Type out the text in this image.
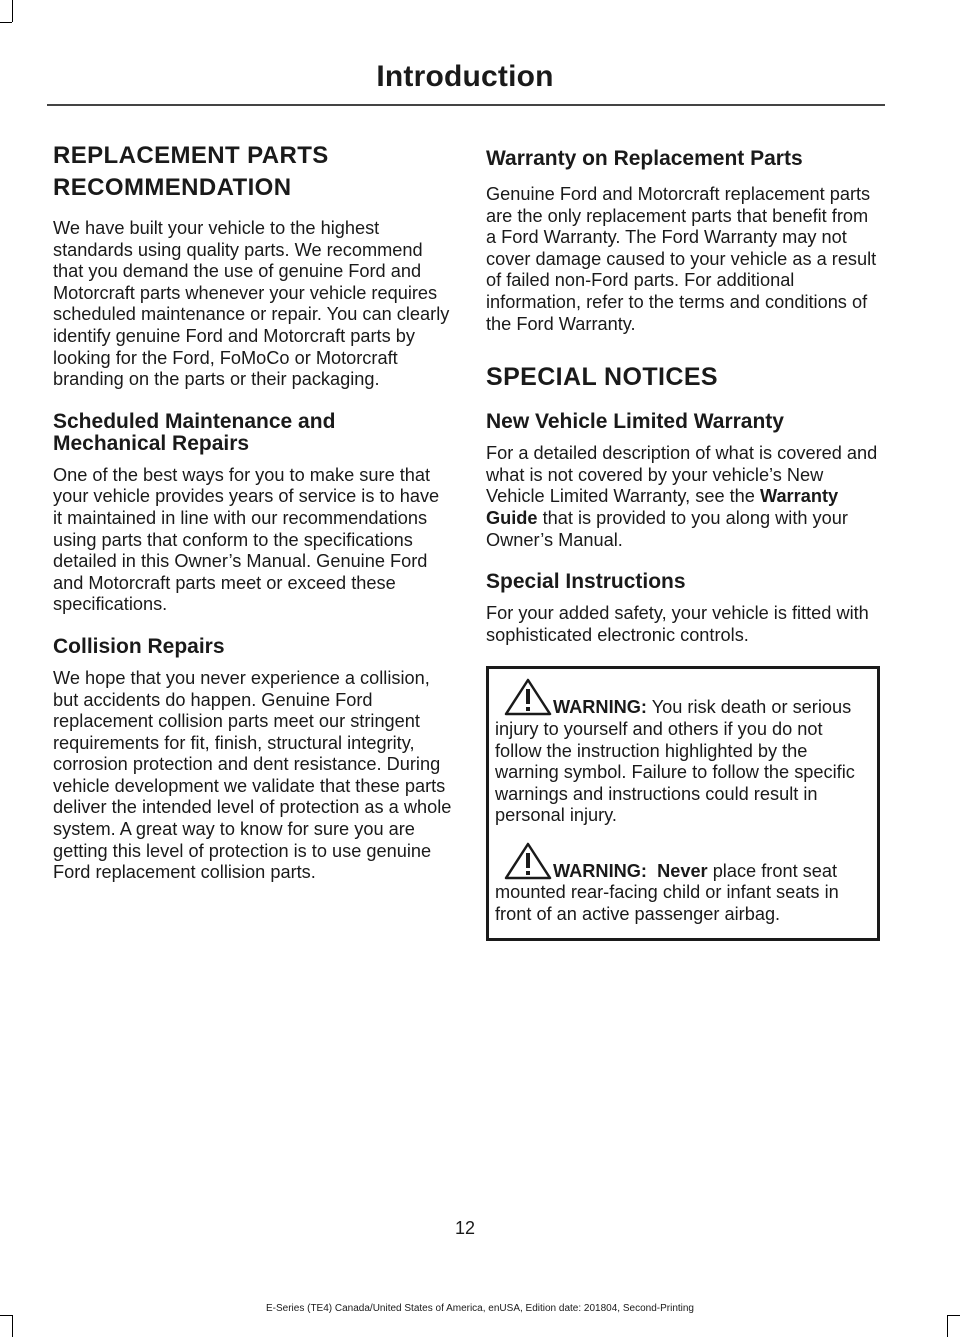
Introduction
REPLACEMENT PARTS
RECOMMENDATION

We have built your vehicle to the highest standards using quality parts. We recommend that you demand the use of genuine Ford and Motorcraft parts whenever your vehicle requires scheduled maintenance or repair. You can clearly identify genuine Ford and Motorcraft parts by looking for the Ford, FoMoCo or Motorcraft branding on the parts or their packaging.

Scheduled Maintenance and Mechanical Repairs

One of the best ways for you to make sure that your vehicle provides years of service is to have it maintained in line with our recommendations using parts that conform to the specifications detailed in this Owner’s Manual. Genuine Ford and Motorcraft parts meet or exceed these specifications.

Collision Repairs

We hope that you never experience a collision, but accidents do happen. Genuine Ford replacement collision parts meet our stringent requirements for fit, finish, structural integrity, corrosion protection and dent resistance. During vehicle development we validate that these parts deliver the intended level of protection as a whole system. A great way to know for sure you are getting this level of protection is to use genuine Ford replacement collision parts.

Warranty on Replacement Parts

Genuine Ford and Motorcraft replacement parts are the only replacement parts that benefit from a Ford Warranty. The Ford Warranty may not cover damage caused to your vehicle as a result of failed non-Ford parts. For additional information, refer to the terms and conditions of the Ford Warranty.

SPECIAL NOTICES
New Vehicle Limited Warranty

For a detailed description of what is covered and what is not covered by your vehicle’s New Vehicle Limited Warranty, see the Warranty Guide that is provided to you along with your Owner’s Manual.

Special Instructions

For your added safety, your vehicle is fitted with sophisticated electronic controls.

WARNING: You risk death or serious injury to yourself and others if you do not follow the instruction highlighted by the warning symbol. Failure to follow the specific warnings and instructions could result in personal injury.

WARNING:  Never place front seat mounted rear-facing child or infant seats in front of an active passenger airbag.

12
E-Series (TE4) Canada/United States of America, enUSA, Edition date: 201804, Second-Printing
